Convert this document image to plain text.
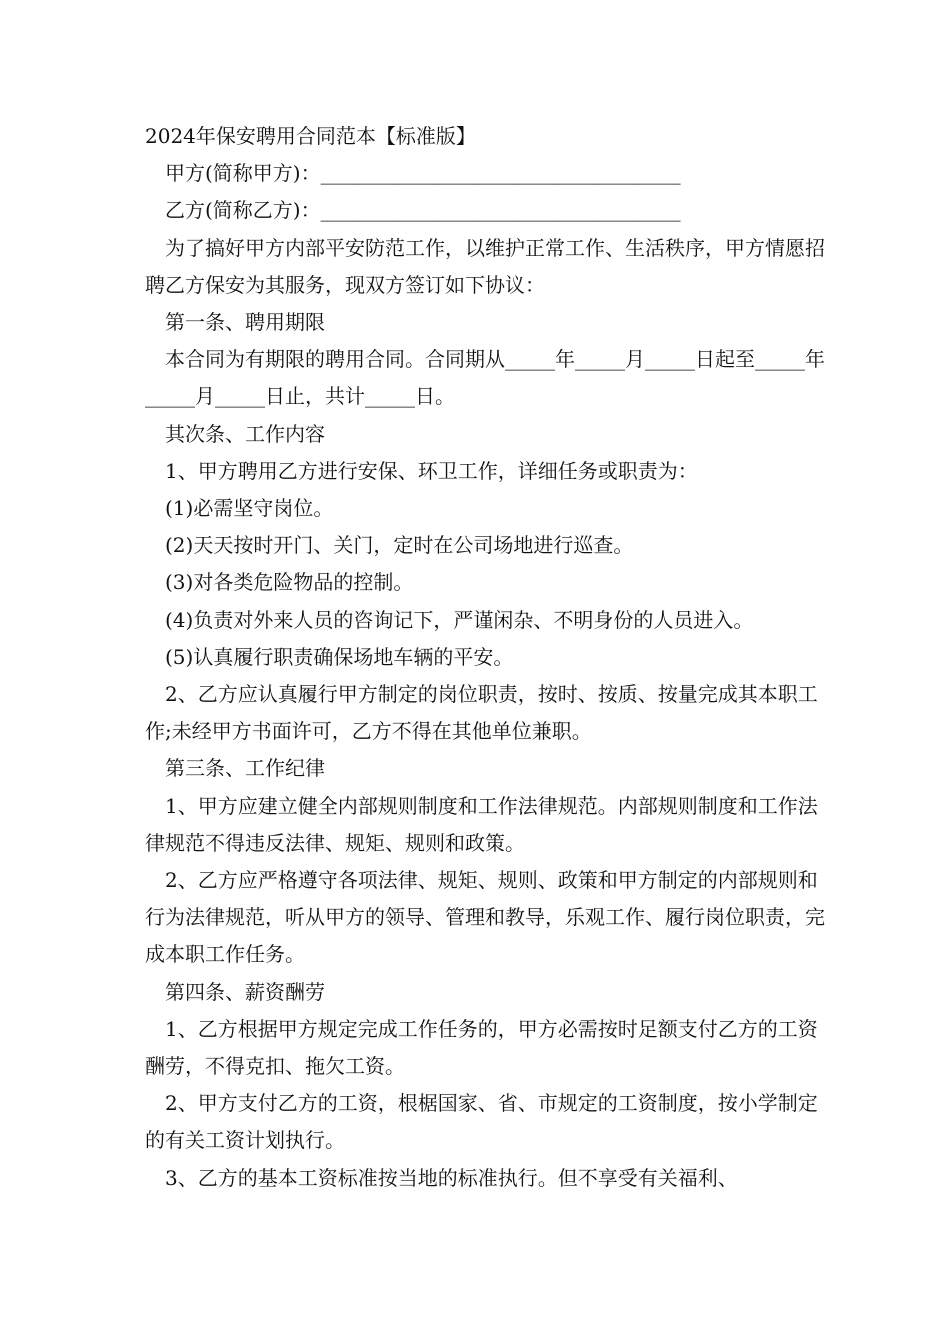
2024年保安聘用合同范本【标准版】

甲方(简称甲方)：____________________________________

乙方(简称乙方)：____________________________________

为了搞好甲方内部平安防范工作，以维护正常工作、生活秩序，甲方情愿招聘乙方保安为其服务，现双方签订如下协议：

第一条、聘用期限

本合同为有期限的聘用合同。合同期从_____年_____月_____日起至_____年_____月_____日止，共计_____日。

其次条、工作内容

1、甲方聘用乙方进行安保、环卫工作，详细任务或职责为：

(1)必需坚守岗位。

(2)天天按时开门、关门，定时在公司场地进行巡查。

(3)对各类危险物品的控制。

(4)负责对外来人员的咨询记下，严谨闲杂、不明身份的人员进入。

(5)认真履行职责确保场地车辆的平安。

2、乙方应认真履行甲方制定的岗位职责，按时、按质、按量完成其本职工作;未经甲方书面许可，乙方不得在其他单位兼职。

第三条、工作纪律

1、甲方应建立健全内部规则制度和工作法律规范。内部规则制度和工作法律规范不得违反法律、规矩、规则和政策。

2、乙方应严格遵守各项法律、规矩、规则、政策和甲方制定的内部规则和行为法律规范，听从甲方的领导、管理和教导，乐观工作、履行岗位职责，完成本职工作任务。

第四条、薪资酬劳

1、乙方根据甲方规定完成工作任务的，甲方必需按时足额支付乙方的工资酬劳，不得克扣、拖欠工资。

2、甲方支付乙方的工资，根椐国家、省、市规定的工资制度，按小学制定的有关工资计划执行。

3、乙方的基本工资标准按当地的标准执行。但不享受有关福利、
